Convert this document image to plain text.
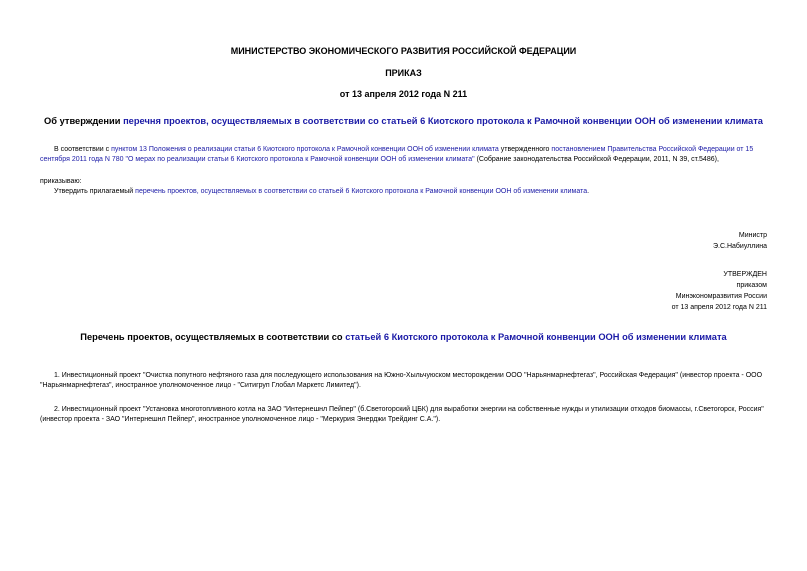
МИНИСТЕРСТВО ЭКОНОМИЧЕСКОГО РАЗВИТИЯ РОССИЙСКОЙ ФЕДЕРАЦИИ
ПРИКАЗ
от 13 апреля 2012 года N 211
Об утверждении перечня проектов, осуществляемых в соответствии со статьей 6 Киотского протокола к Рамочной конвенции ООН об изменении климата
В соответствии с пунктом 13 Положения о реализации статьи 6 Киотского протокола к Рамочной конвенции ООН об изменении климата утвержденного постановлением Правительства Российской Федерации от 15 сентября 2011 года N 780 "О мерах по реализации статьи 6 Киотского протокола к Рамочной конвенции ООН об изменении климата" (Собрание законодательства Российской Федерации, 2011, N 39, ст.5486),
приказываю:
Утвердить прилагаемый перечень проектов, осуществляемых в соответствии со статьей 6 Киотского протокола к Рамочной конвенции ООН об изменении климата.
Министр
Э.С.Набиуллина
УТВЕРЖДЕН
приказом
Минэкономразвития России
от 13 апреля 2012 года N 211
Перечень проектов, осуществляемых в соответствии со статьей 6 Киотского протокола к Рамочной конвенции ООН об изменении климата
1. Инвестиционный проект "Очистка попутного нефтяного газа для последующего использования на Южно-Хыльчуюском месторождении ООО "Нарьянмарнефтегаз", Российская Федерация" (инвестор проекта - ООО "Нарьянмарнефтегаз", иностранное уполномоченное лицо - "Ситигруп Глобал Маркетс Лимитед").
2. Инвестиционный проект "Установка многотопливного котла на ЗАО "Интернешнл Пейпер" (б.Светогорский ЦБК) для выработки энергии на собственные нужды и утилизации отходов биомассы, г.Светогорск, Россия" (инвестор проекта - ЗАО "Интернешнл Пейпер", иностранное уполномоченное лицо - "Меркурия Энерджи Трейдинг С.А.").
